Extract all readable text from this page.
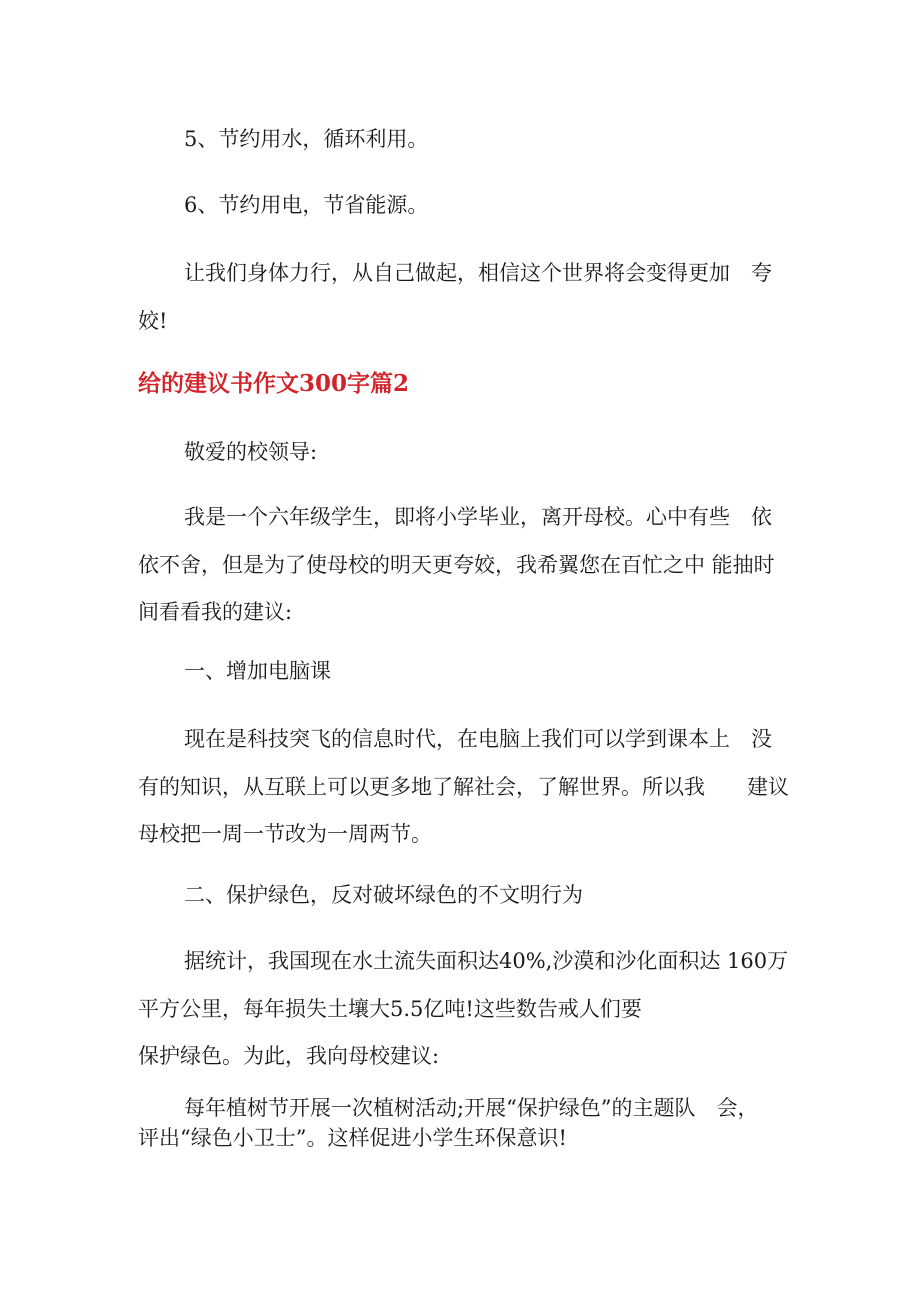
5、节约用水，循环利用。

6、节约用电，节省能源。

让我们身体力行，从自己做起，相信这个世界将会变得更加　夸

姣!

给的建议书作文300字篇2

敬爱的校领导:

我是一个六年级学生，即将小学毕业，离开母校。心中有些　依

依不舍，但是为了使母校的明天更夸姣，我希翼您在百忙之中 能抽时

间看看我的建议:

一、增加电脑课

现在是科技突飞的信息时代，在电脑上我们可以学到课本上　没

有的知识，从互联上可以更多地了解社会，了解世界。所以我　　建议

母校把一周一节改为一周两节。

二、保护绿色，反对破坏绿色的不文明行为

据统计，我国现在水土流失面积达40%,沙漠和沙化面积达 160万

平方公里，每年损失土壤大5.5亿吨!这些数告戒人们要

保护绿色。为此，我向母校建议:

每年植树节开展一次植树活动;开展“保护绿色”的主题队　会，

评出“绿色小卫士”。这样促进小学生环保意识!
